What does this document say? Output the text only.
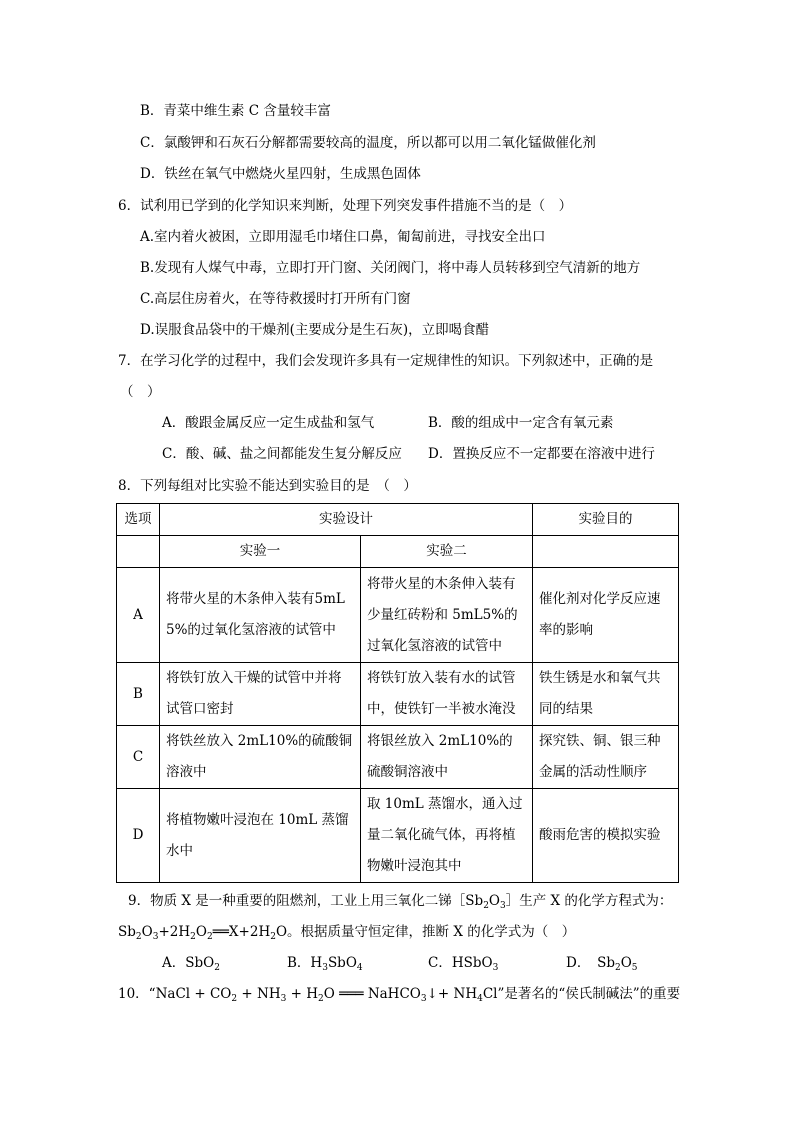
B．青菜中维生素 C 含量较丰富
C．氯酸钾和石灰石分解都需要较高的温度，所以都可以用二氧化锰做催化剂
D．铁丝在氧气中燃烧火星四射，生成黑色固体
6．试利用已学到的化学知识来判断，处理下列突发事件措施不当的是（　）
A.室内着火被困，立即用湿毛巾堵住口鼻，匍匐前进，寻找安全出口
B.发现有人煤气中毒，立即打开门窗、关闭阀门，将中毒人员转移到空气清新的地方
C.高层住房着火，在等待救援时打开所有门窗
D.误服食品袋中的干燥剂(主要成分是生石灰)，立即喝食醋
7．在学习化学的过程中，我们会发现许多具有一定规律性的知识。下列叙述中，正确的是
（　）
A．酸跟金属反应一定生成盐和氢气	B．酸的组成中一定含有氧元素
C．酸、碱、盐之间都能发生复分解反应 D．置换反应不一定都要在溶液中进行
8．下列每组对比实验不能达到实验目的是　（　）
选项	实验设计		实验目的
	实验一	实验二	
A	将带火星的木条伸入装有5mL5%的过氧化氢溶液的试管中	将带火星的木条伸入装有少量红砖粉和 5mL5%的过氧化氢溶液的试管中	催化剂对化学反应速率的影响
B	将铁钉放入干燥的试管中并将试管口密封	将铁钉放入装有水的试管中，使铁钉一半被水淹没	铁生锈是水和氧气共同的结果
C	将铁丝放入 2mL10%的硫酸铜溶液中	将银丝放入 2mL10%的硫酸铜溶液中	探究铁、铜、银三种金属的活动性顺序
D	将植物嫩叶浸泡在 10mL 蒸馏水中	取 10mL 蒸馏水，通入过量二氧化硫气体，再将植物嫩叶浸泡其中	酸雨危害的模拟实验
9．物质 X 是一种重要的阻燃剂，工业上用三氧化二锑$[Sb_2O_3]$生产 X 的化学方程式为：
$Sb_2O_3+2H_2O_2══X+2H_2O$。根据质量守恒定律，推断 X 的化学式为（　）
A．SbO$_2$	B．$H_3SbO_4$	C．HSbO$_3$	D．　$Sb_2O_5$
10．“NaCl + $CO_2 + NH_3 + H_2O$ ═══ NaHCO$_3$↓+ $NH_4Cl$”是著名的“侯氏制碱法”的重要
